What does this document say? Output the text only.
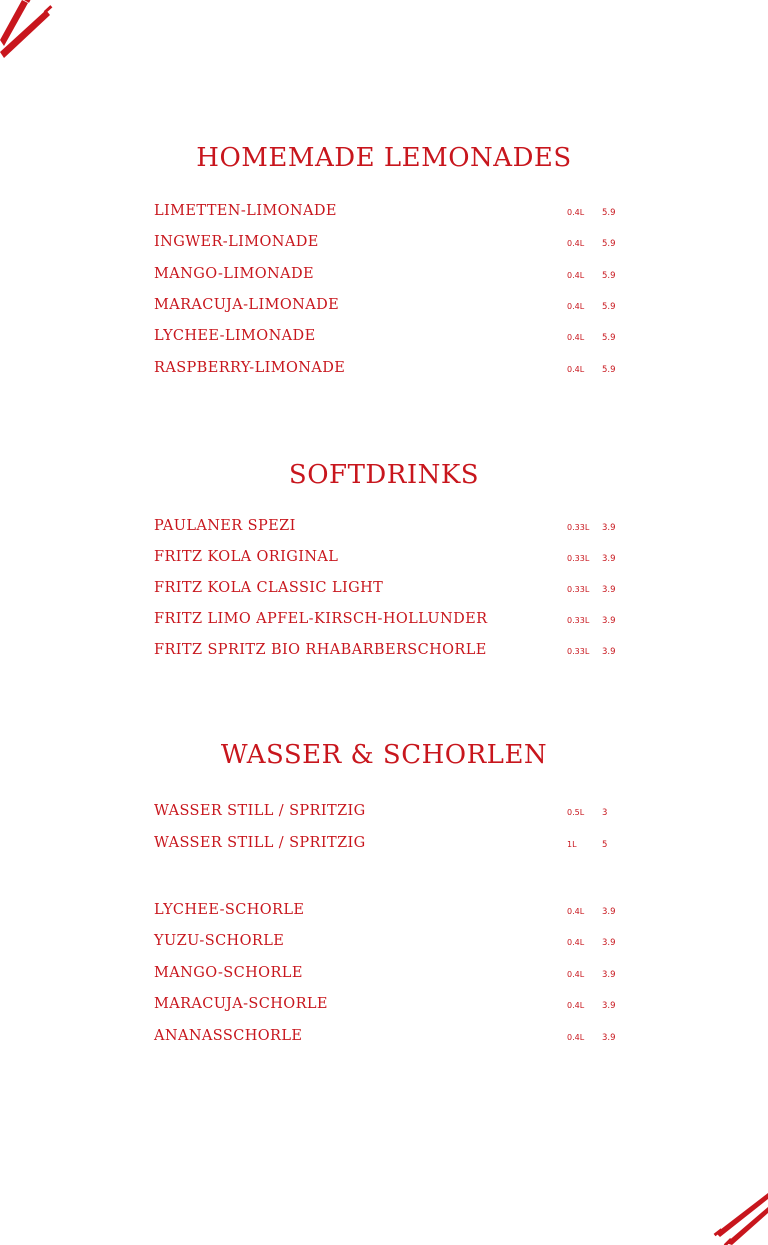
HOMEMADE LEMONADES
LIMETTEN-LIMONADE	0.4L 5.9
INGWER-LIMONADE	0.4L 5.9
MANGO-LIMONADE	0.4L 5.9
MARACUJA-LIMONADE	0.4L 5.9
LYCHEE-LIMONADE	0.4L 5.9
RASPBERRY-LIMONADE	0.4L 5.9
SOFTDRINKS
PAULANER SPEZI	0.33L 3.9
FRITZ KOLA ORIGINAL	0.33L 3.9
FRITZ KOLA CLASSIC LIGHT	0.33L 3.9
FRITZ LIMO APFEL-KIRSCH-HOLLUNDER	0.33L 3.9
FRITZ SPRITZ BIO RHABARBERSCHORLE	0.33L 3.9
WASSER & SCHORLEN
WASSER STILL / SPRITZIG	0.5L 3
WASSER STILL / SPRITZIG	1L	5
LYCHEE-SCHORLE	0.4L 3.9
YUZU-SCHORLE	0.4L 3.9
MANGO-SCHORLE	0.4L 3.9
MARACUJA-SCHORLE	0.4L 3.9
ANANASSCHORLE	0.4L 3.9
